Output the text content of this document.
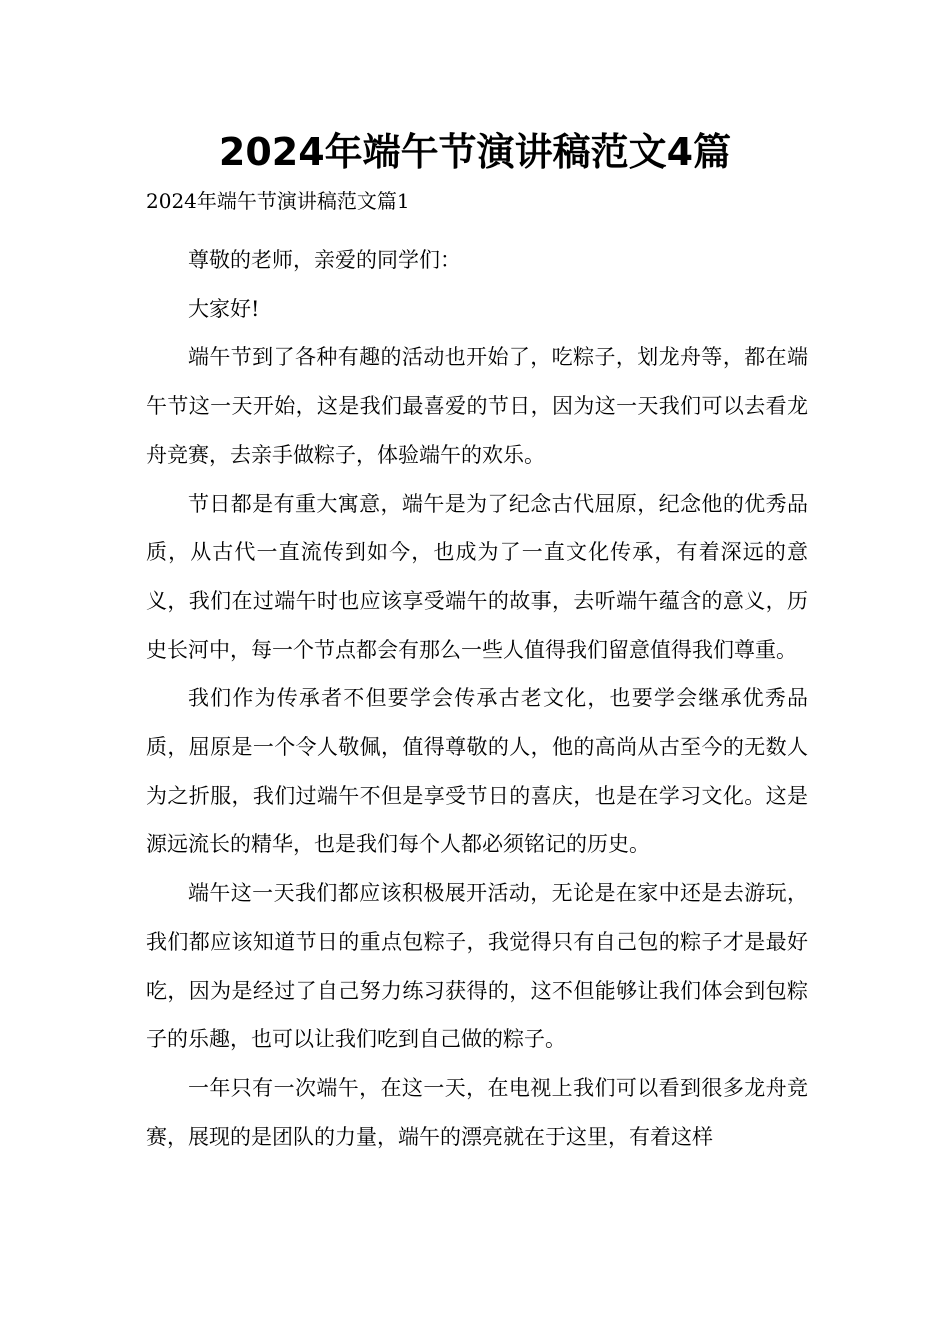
2024年端午节演讲稿范文4篇
2024年端午节演讲稿范文篇1

尊敬的老师，亲爱的同学们：

大家好!

端午节到了各种有趣的活动也开始了，吃粽子，划龙舟等，都在端午节这一天开始，这是我们最喜爱的节日，因为这一天我们可以去看龙舟竞赛，去亲手做粽子，体验端午的欢乐。

节日都是有重大寓意，端午是为了纪念古代屈原，纪念他的优秀品质，从古代一直流传到如今，也成为了一直文化传承，有着深远的意义，我们在过端午时也应该享受端午的故事，去听端午蕴含的意义，历史长河中，每一个节点都会有那么一些人值得我们留意值得我们尊重。

我们作为传承者不但要学会传承古老文化，也要学会继承优秀品质，屈原是一个令人敬佩，值得尊敬的人，他的高尚从古至今的无数人为之折服，我们过端午不但是享受节日的喜庆，也是在学习文化。这是源远流长的精华，也是我们每个人都必须铭记的历史。

端午这一天我们都应该积极展开活动，无论是在家中还是去游玩，我们都应该知道节日的重点包粽子，我觉得只有自己包的粽子才是最好吃，因为是经过了自己努力练习获得的，这不但能够让我们体会到包粽子的乐趣，也可以让我们吃到自己做的粽子。

一年只有一次端午，在这一天，在电视上我们可以看到很多龙舟竞赛，展现的是团队的力量，端午的漂亮就在于这里，有着这样
